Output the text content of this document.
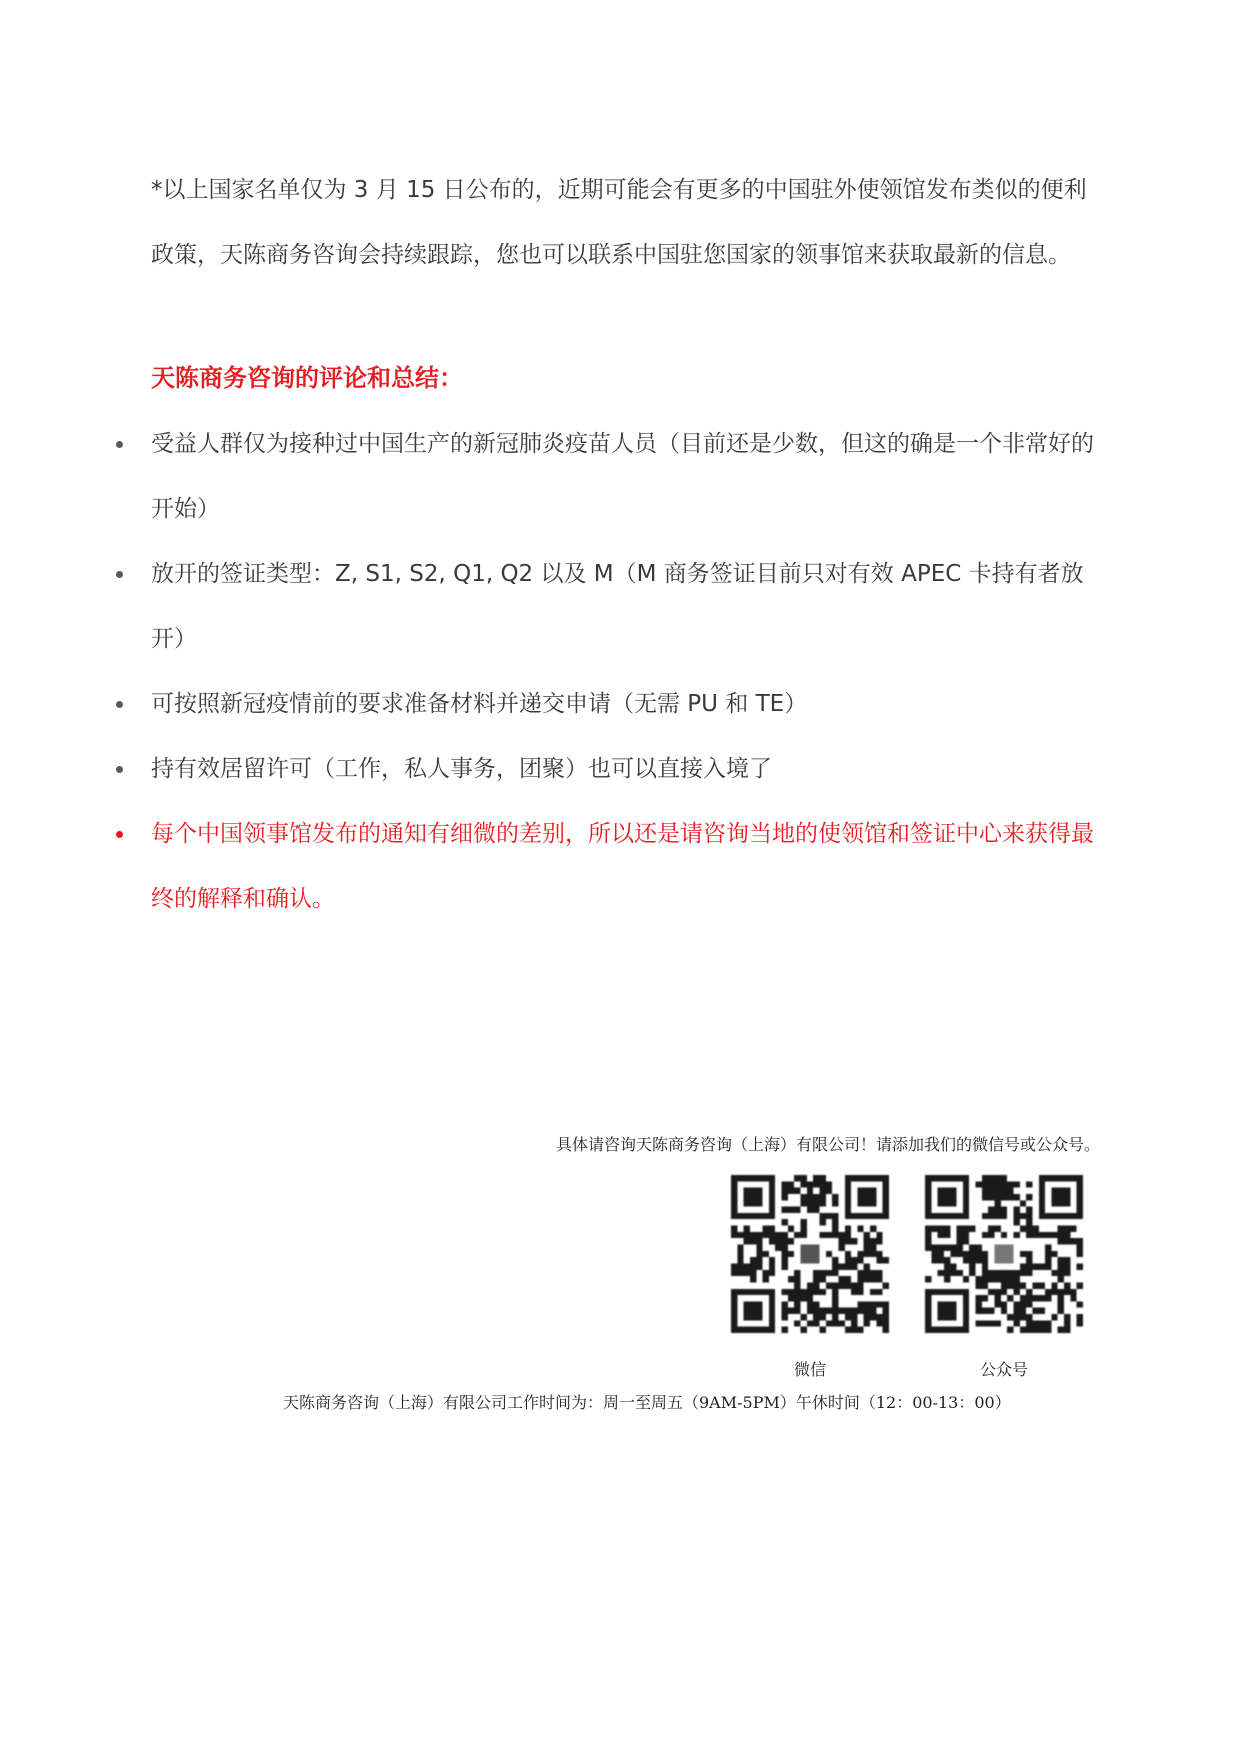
*以上国家名单仅为 3 月 15 日公布的，近期可能会有更多的中国驻外使领馆发布类似的便利政策，天陈商务咨询会持续跟踪，您也可以联系中国驻您国家的领事馆来获取最新的信息。

天陈商务咨询的评论和总结：
受益人群仅为接种过中国生产的新冠肺炎疫苗人员（目前还是少数，但这的确是一个非常好的开始）
放开的签证类型：Z, S1, S2, Q1, Q2 以及 M（M 商务签证目前只对有效 APEC 卡持有者放开）
可按照新冠疫情前的要求准备材料并递交申请（无需 PU 和 TE）
持有效居留许可（工作，私人事务，团聚）也可以直接入境了
每个中国领事馆发布的通知有细微的差别，所以还是请咨询当地的使领馆和签证中心来获得最终的解释和确认。
具体请咨询天陈商务咨询（上海）有限公司！请添加我们的微信号或公众号。
微信	公众号
天陈商务咨询（上海）有限公司工作时间为：周一至周五（9AM-5PM）午休时间（12：00-13：00）
